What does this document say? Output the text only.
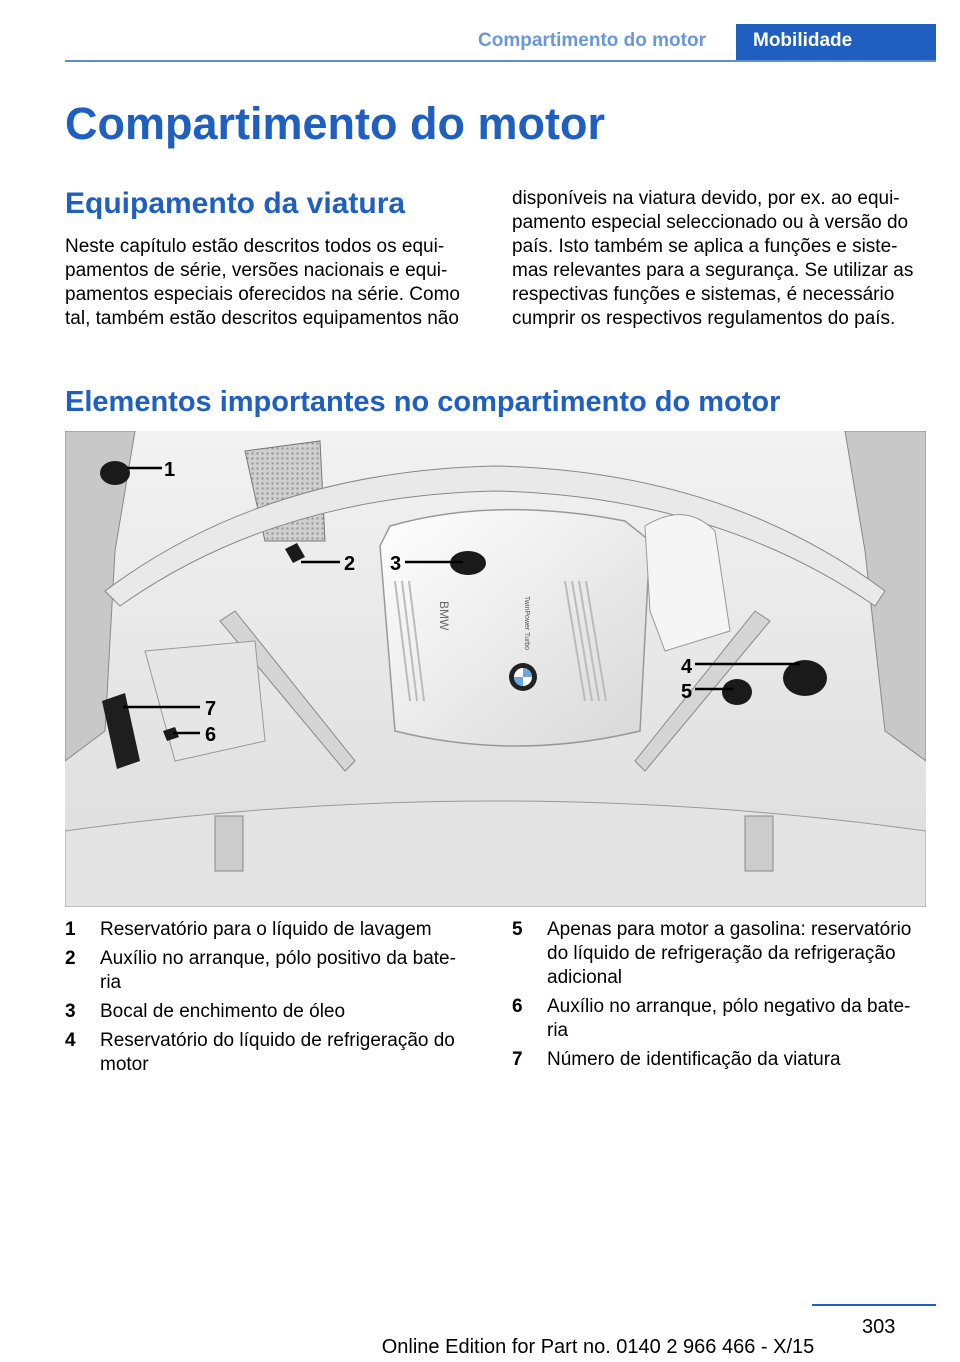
Compartimento do motor	Mobilidade
Compartimento do motor
Equipamento da viatura

Neste capítulo estão descritos todos os equi-
pamentos de série, versões nacionais e equi-
pamentos especiais oferecidos na série. Como
tal, também estão descritos equipamentos não

disponíveis na viatura devido, por ex. ao equi-
pamento especial seleccionado ou à versão do
país. Isto também se aplica a funções e siste-
mas relevantes para a segurança. Se utilizar as
respectivas funções e sistemas, é necessário
cumprir os respectivos regulamentos do país.

Elementos importantes no compartimento do motor
TwinPower Turbo
BMW
1
2 3
4
5
7
6
1 Reservatório para o líquido de lavagem
2 Auxílio no arranque, pólo positivo da bate-
ria
3 Bocal de enchimento de óleo
4 Reservatório do líquido de refrigeração do
motor
5 Apenas para motor a gasolina: reservatório
do líquido de refrigeração da refrigeração
adicional
6 Auxílio no arranque, pólo negativo da bate-
ria
7 Número de identificação da viatura
303
Online Edition for Part no. 0140 2 966 466 - X/15
